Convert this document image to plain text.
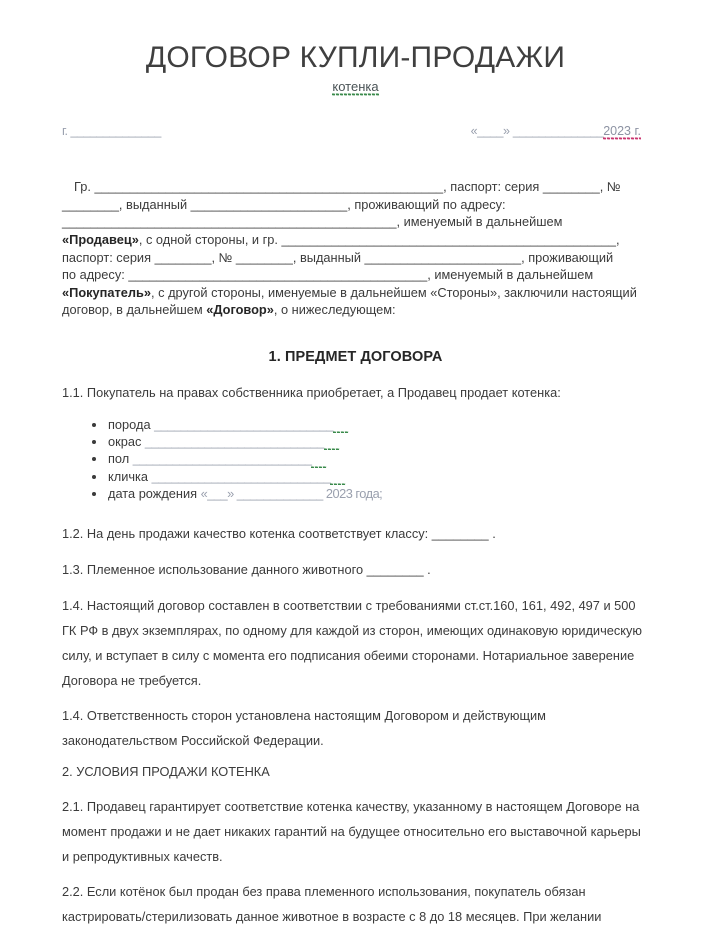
ДОГОВОР КУПЛИ-ПРОДАЖИ
котенка
г. ______________	«____» ______________2023 г.
Гр. _________________________________________________, паспорт: серия ________, №
________, выданный ______________________, проживающий по адресу:
_______________________________________________, именуемый в дальнейшем
«Продавец», с одной стороны, и гр. _______________________________________________,
паспорт: серия ________, № ________, выданный ______________________, проживающий
по адресу: __________________________________________, именуемый в дальнейшем
«Покупатель», с другой стороны, именуемые в дальнейшем «Стороны», заключили настоящий
договор, в дальнейшем «Договор», о нижеследующем:
1. ПРЕДМЕТ ДОГОВОРА

1.1. Покупатель на правах собственника приобретает, а Продавец продает котенка:

порода ___________________________
окрас ___________________________
пол ___________________________
кличка ___________________________
дата рождения «___» _____________ 2023 года;

1.2. На день продажи качество котенка соответствует классу: ________ .

1.3. Племенное использование данного животного ________ .

1.4. Настоящий договор составлен в соответствии с требованиями ст.ст.160, 161, 492, 497 и 500 ГК РФ в двух экземплярах, по одному для каждой из сторон, имеющих одинаковую юридическую силу, и вступает в силу с момента его подписания обеими сторонами. Нотариальное заверение Договора не требуется.

1.4. Ответственность сторон установлена настоящим Договором и действующим законодательством Российской Федерации.

2. УСЛОВИЯ ПРОДАЖИ КОТЕНКА

2.1. Продавец гарантирует соответствие котенка качеству, указанному в настоящем Договоре на момент продажи и не дает никаких гарантий на будущее относительно его выставочной карьеры и репродуктивных качеств.

2.2. Если котёнок был продан без права племенного использования, покупатель обязан кастрировать/стерилизовать данное животное в возрасте с 8 до 18 месяцев. При желании
